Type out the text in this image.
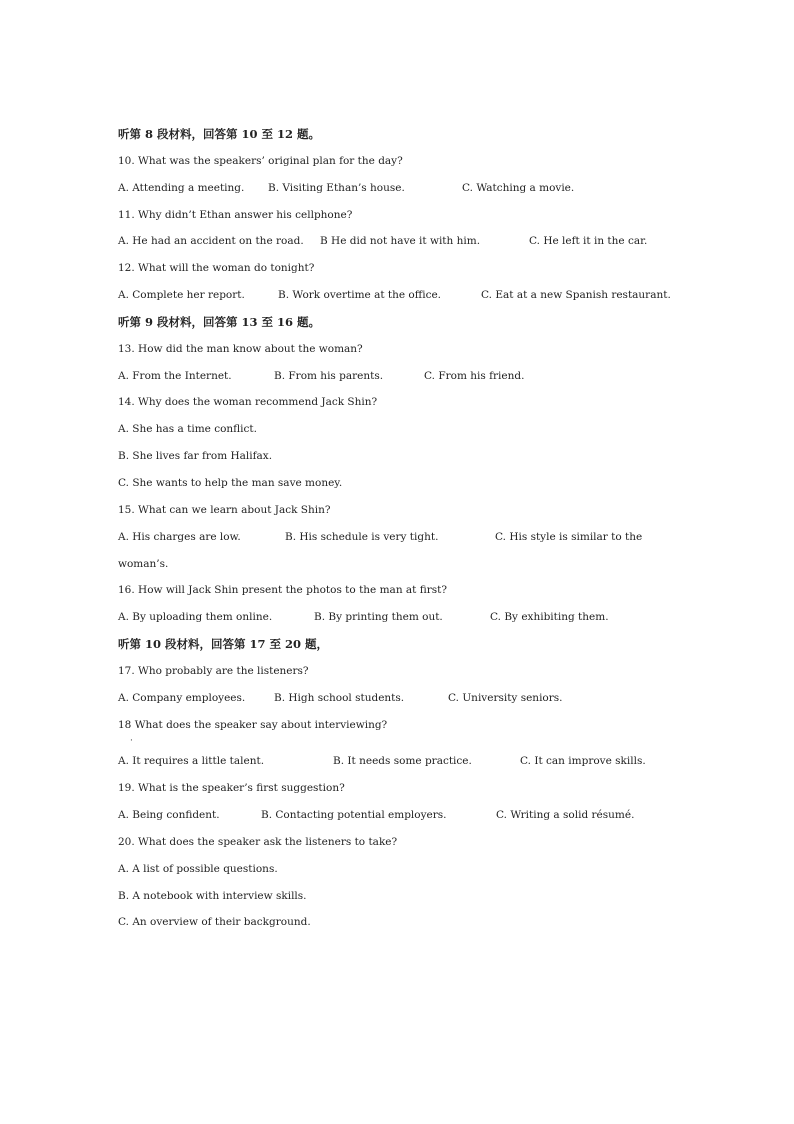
听第 8 段材料，回答第 10 至 12 题。
10. What was the speakers’ original plan for the day?
A. Attending a meeting.	B. Visiting Ethan’s house.	C. Watching a movie.
11. Why didn’t Ethan answer his cellphone?
A. He had an accident on the road.	B He did not have it with him.	C. He left it in the car.
12. What will the woman do tonight?
A. Complete her report.	B. Work overtime at the office.	C. Eat at a new Spanish restaurant.
听第 9 段材料，回答第 13 至 16 题。
13. How did the man know about the woman?
A. From the Internet.	B. From his parents.	C. From his friend.
14. Why does the woman recommend Jack Shin?
A. She has a time conflict.
B. She lives far from Halifax.
C. She wants to help the man save money.
15. What can we learn about Jack Shin?
A. His charges are low.	B. His schedule is very tight.	C. His style is similar to the
woman’s.
16. How will Jack Shin present the photos to the man at first?
A. By uploading them online.	B. By printing them out.	C. By exhibiting them.
听第 10 段材料，回答第 17 至 20 题，
17. Who probably are the listeners?
A. Company employees.	B. High school students.	C. University seniors.
18 What does the speaker say about interviewing?
·
A. It requires a little talent.	B. It needs some practice.	C. It can improve skills.
19. What is the speaker’s first suggestion?
A. Being confident.	B. Contacting potential employers.	C. Writing a solid résumé.
20. What does the speaker ask the listeners to take?
A. A list of possible questions.
B. A notebook with interview skills.
C. An overview of their background.
